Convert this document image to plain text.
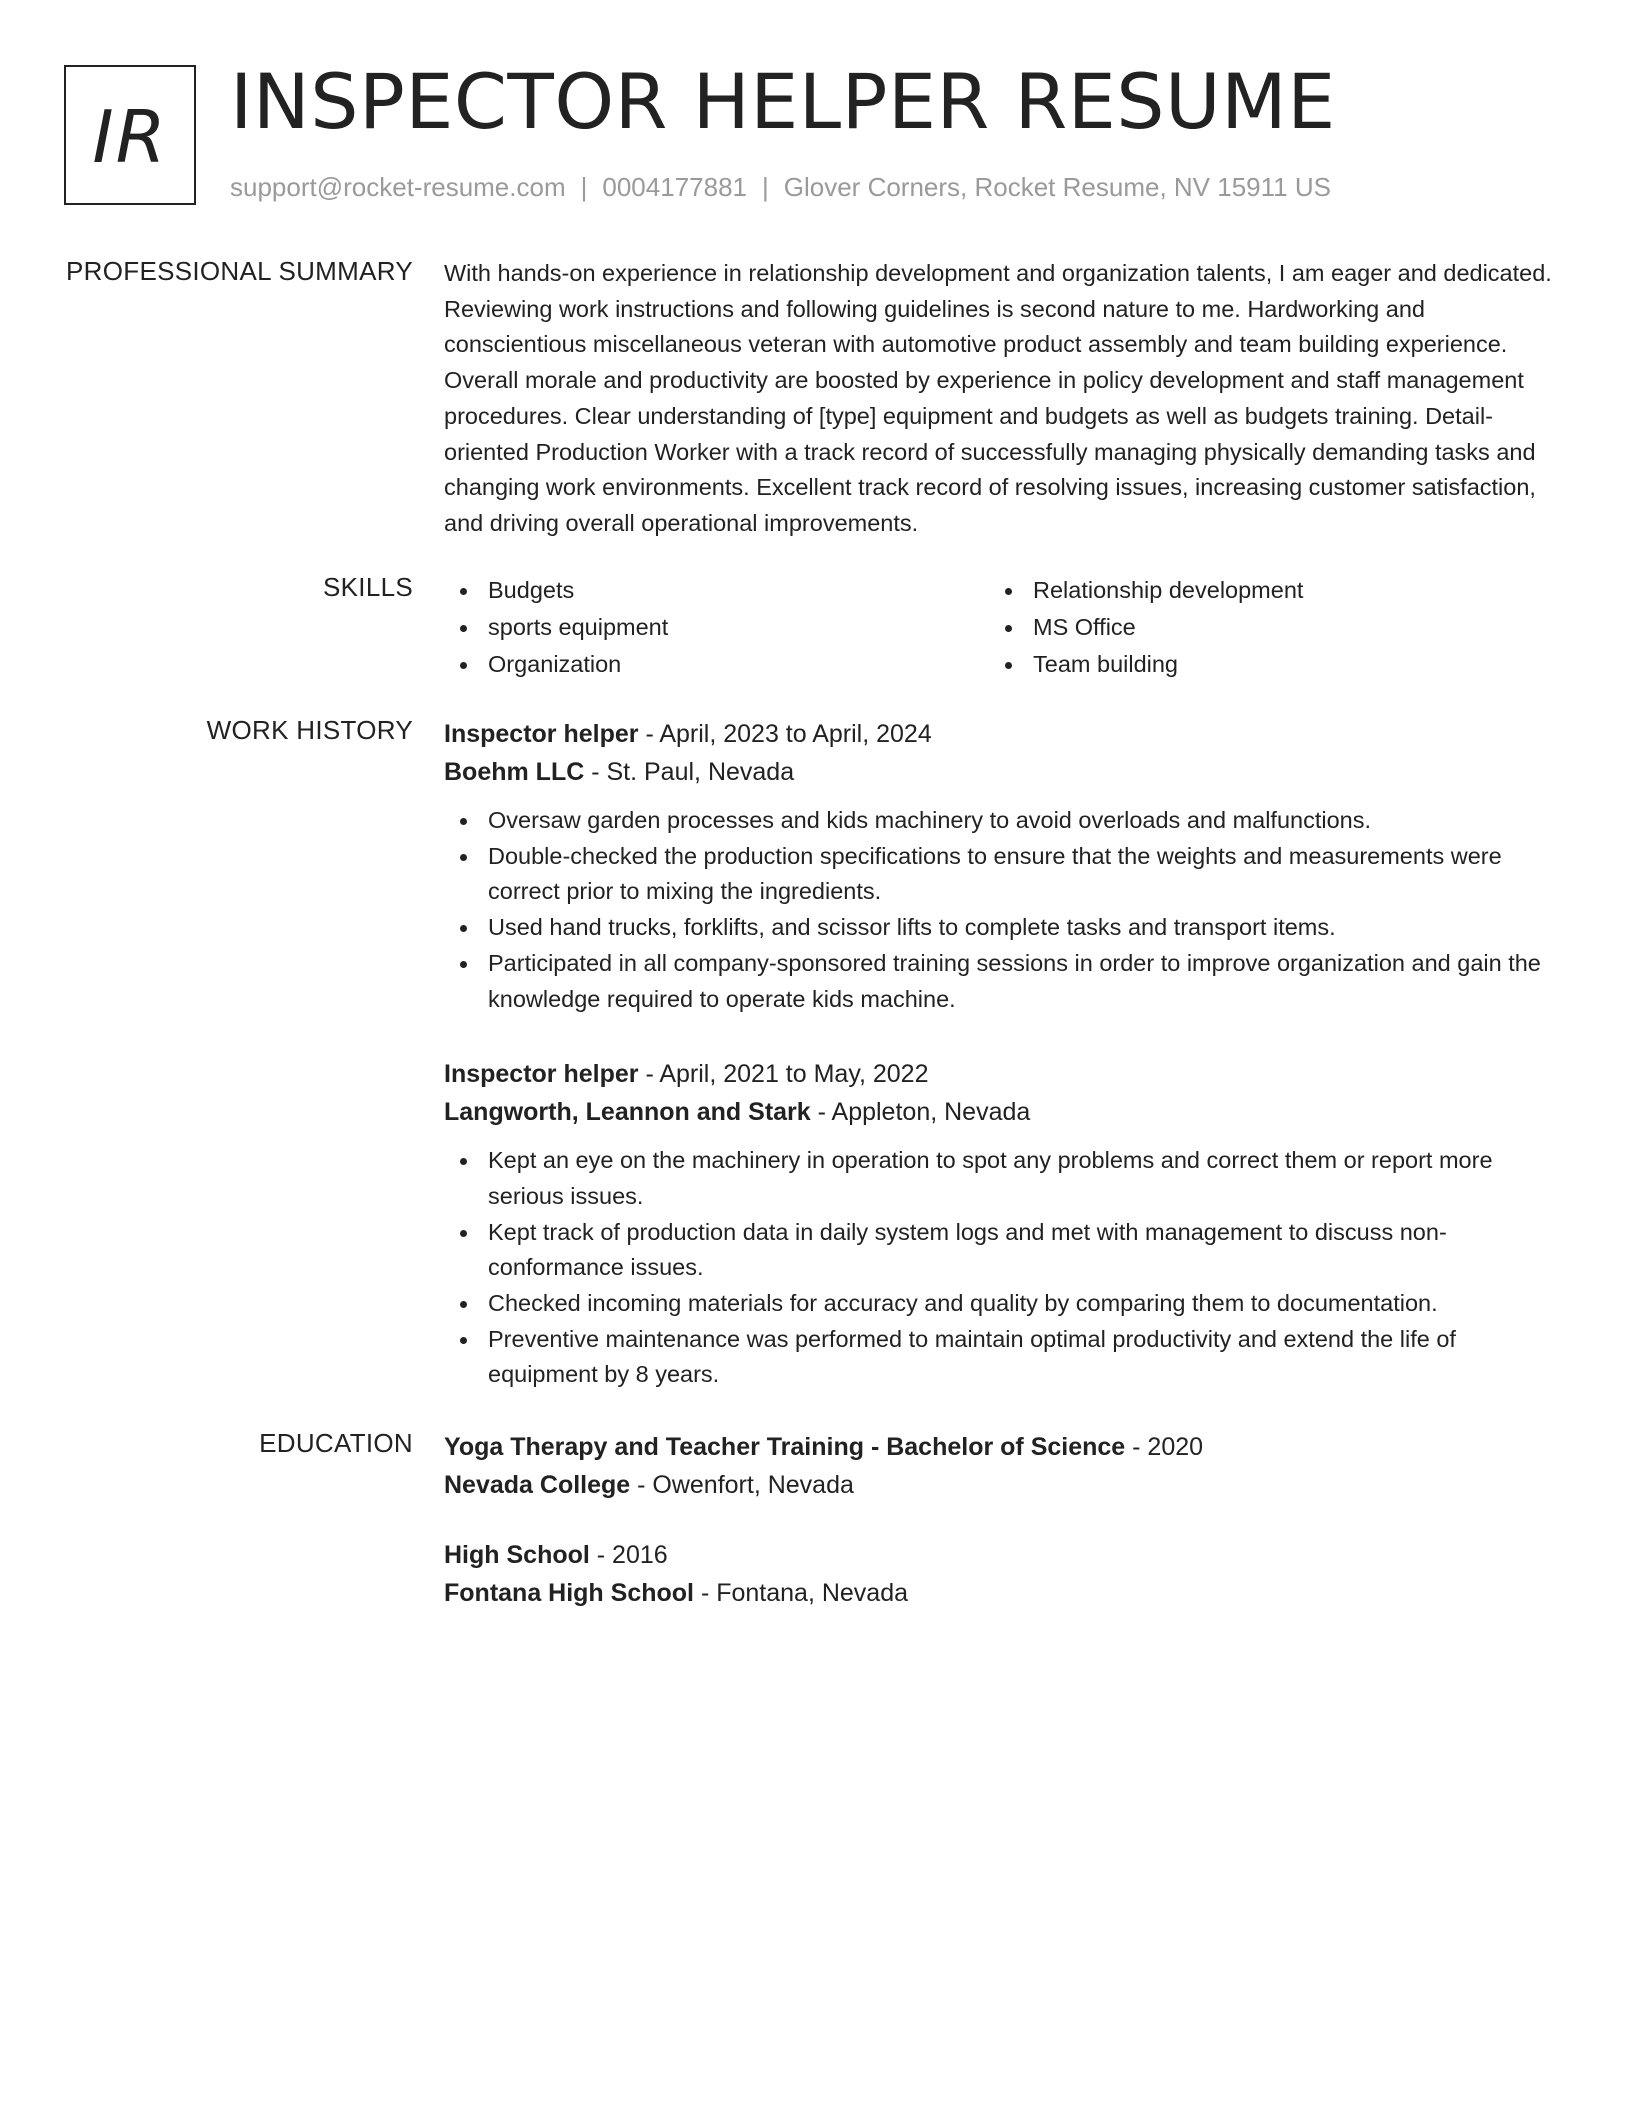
IR INSPECTOR HELPER RESUME

support@rocket-resume.com | 0004177881 | Glover Corners, Rocket Resume, NV 15911 US

PROFESSIONAL SUMMARY With hands-on experience in relationship development and organization talents, I am eager and dedicated. Reviewing work instructions and following guidelines is second nature to me. Hardworking and conscientious miscellaneous veteran with automotive product assembly and team building experience. Overall morale and productivity are boosted by experience in policy development and staff management procedures. Clear understanding of [type] equipment and budgets as well as budgets training. Detail-oriented Production Worker with a track record of successfully managing physically demanding tasks and changing work environments. Excellent track record of resolving issues, increasing customer satisfaction, and driving overall operational improvements.

SKILLS	Budgets
sports equipment
Organization
Relationship development
MS Office
Team building
WORK HISTORY Inspector helper - April, 2023 to April, 2024

Boehm LLC - St. Paul, Nevada

Oversaw garden processes and kids machinery to avoid overloads and malfunctions.
Double-checked the production specifications to ensure that the weights and measurements were correct prior to mixing the ingredients.
Used hand trucks, forklifts, and scissor lifts to complete tasks and transport items.
Participated in all company-sponsored training sessions in order to improve organization and gain the knowledge required to operate kids machine.

Inspector helper - April, 2021 to May, 2022

Langworth, Leannon and Stark - Appleton, Nevada

Kept an eye on the machinery in operation to spot any problems and correct them or report more serious issues.
Kept track of production data in daily system logs and met with management to discuss non-conformance issues.
Checked incoming materials for accuracy and quality by comparing them to documentation.
Preventive maintenance was performed to maintain optimal productivity and extend the life of equipment by 8 years.
EDUCATION Yoga Therapy and Teacher Training - Bachelor of Science - 2020

Nevada College - Owenfort, Nevada

High School - 2016

Fontana High School - Fontana, Nevada
